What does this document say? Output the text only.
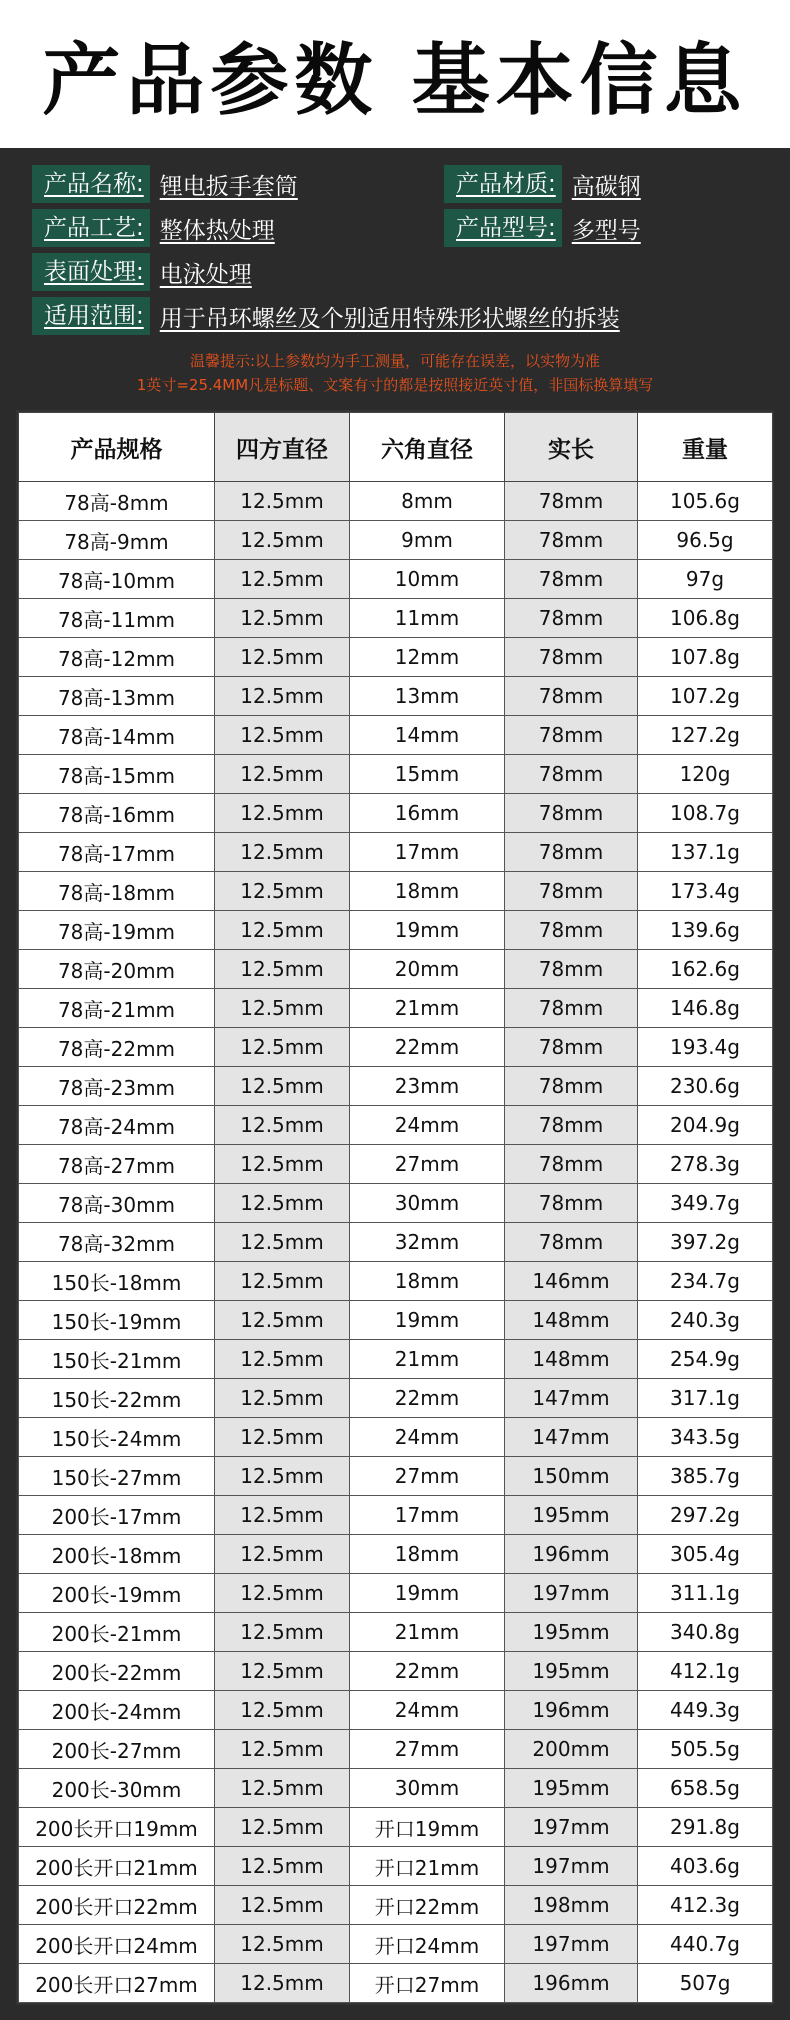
产品参数 基本信息
产品名称: 锂电扳手套筒	产品材质: 高碳钢
产品工艺: 整体热处理	产品型号: 多型号
表面处理: 电泳处理
适用范围: 用于吊环螺丝及个别适用特殊形状螺丝的拆装
温馨提示:以上参数均为手工测量，可能存在误差，以实物为准
1英寸=25.4MM凡是标题、文案有寸的都是按照接近英寸值，非国标换算填写
产品规格	四方直径	六角直径	实长	重量
78高-8mm	12.5mm	8mm	78mm	105.6g
78高-9mm	12.5mm	9mm	78mm	96.5g
78高-10mm	12.5mm	10mm	78mm	97g
78高-11mm	12.5mm	11mm	78mm	106.8g
78高-12mm	12.5mm	12mm	78mm	107.8g
78高-13mm	12.5mm	13mm	78mm	107.2g
78高-14mm	12.5mm	14mm	78mm	127.2g
78高-15mm	12.5mm	15mm	78mm	120g
78高-16mm	12.5mm	16mm	78mm	108.7g
78高-17mm	12.5mm	17mm	78mm	137.1g
78高-18mm	12.5mm	18mm	78mm	173.4g
78高-19mm	12.5mm	19mm	78mm	139.6g
78高-20mm	12.5mm	20mm	78mm	162.6g
78高-21mm	12.5mm	21mm	78mm	146.8g
78高-22mm	12.5mm	22mm	78mm	193.4g
78高-23mm	12.5mm	23mm	78mm	230.6g
78高-24mm	12.5mm	24mm	78mm	204.9g
78高-27mm	12.5mm	27mm	78mm	278.3g
78高-30mm	12.5mm	30mm	78mm	349.7g
78高-32mm	12.5mm	32mm	78mm	397.2g
150长-18mm	12.5mm	18mm	146mm	234.7g
150长-19mm	12.5mm	19mm	148mm	240.3g
150长-21mm	12.5mm	21mm	148mm	254.9g
150长-22mm	12.5mm	22mm	147mm	317.1g
150长-24mm	12.5mm	24mm	147mm	343.5g
150长-27mm	12.5mm	27mm	150mm	385.7g
200长-17mm	12.5mm	17mm	195mm	297.2g
200长-18mm	12.5mm	18mm	196mm	305.4g
200长-19mm	12.5mm	19mm	197mm	311.1g
200长-21mm	12.5mm	21mm	195mm	340.8g
200长-22mm	12.5mm	22mm	195mm	412.1g
200长-24mm	12.5mm	24mm	196mm	449.3g
200长-27mm	12.5mm	27mm	200mm	505.5g
200长-30mm	12.5mm	30mm	195mm	658.5g
200长开口19mm	12.5mm	开口19mm	197mm	291.8g
200长开口21mm	12.5mm	开口21mm	197mm	403.6g
200长开口22mm	12.5mm	开口22mm	198mm	412.3g
200长开口24mm	12.5mm	开口24mm	197mm	440.7g
200长开口27mm	12.5mm	开口27mm	196mm	507g
